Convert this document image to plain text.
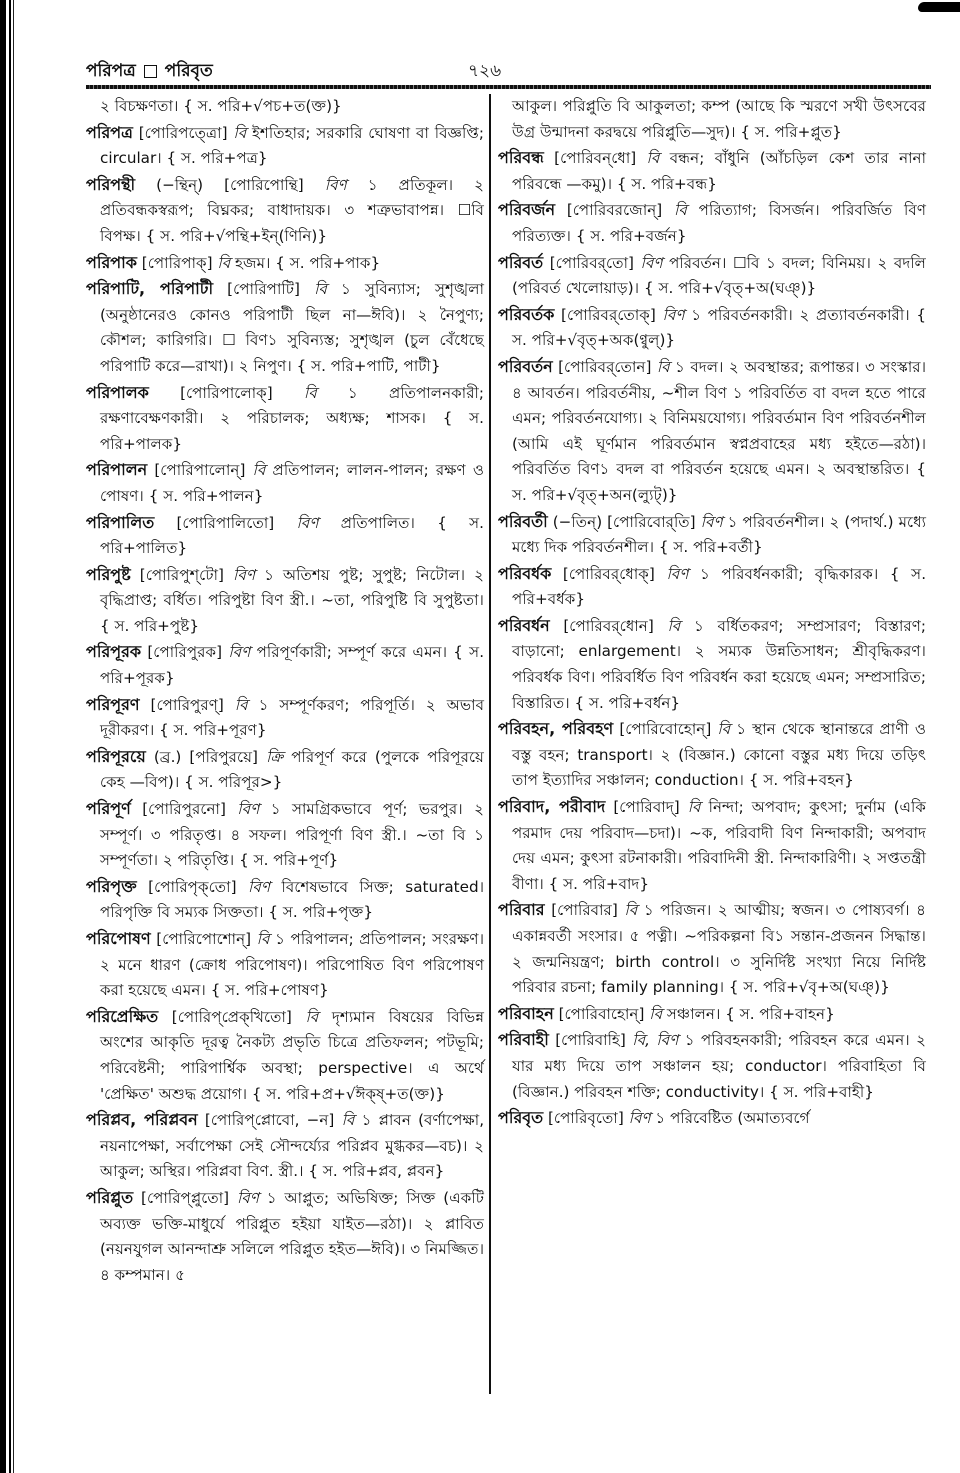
পরিপত্র পরিবৃত	৭২৬

২ বিচক্ষণতা। { স. পরি+√পচ+ত(ক্ত)}

পরিপত্র [পোরিপত্ত্রো] বি ইশতিহার; সরকারি ঘোষণা বা বিজ্ঞপ্তি; circular। { স. পরি+পত্র}

পরিপন্থী (−ন্থিন্) [পোরিপোন্থি] বিণ ১ প্রতিকূল। ২ প্রতিবন্ধকস্বরূপ; বিঘ্নকর; বাধাদায়ক। ৩ শত্রুভাবাপন্ন। ☐বি বিপক্ষ। { স. পরি+√পন্থি+ইন্(ণিনি)}

পরিপাক [পোরিপাক্] বি হজম। { স. পরি+পাক}

পরিপাটি, পরিপাটী [পোরিপাটি] বি ১ সুবিন্যাস; সুশৃঙ্খলা (অনুষ্ঠানেরও কোনও পরিপাটী ছিল না—ঈবি)। ২ নৈপুণ্য; কৌশল; কারিগরি। ☐ বিণ১ সুবিন্যস্ত; সুশৃঙ্খল (চুল বেঁধেছে পরিপাটি করে—রাখা)। ২ নিপুণ। { স. পরি+পাটি, পাটী}

পরিপালক [পোরিপালোক্] বি ১ প্রতিপালনকারী; রক্ষণাবেক্ষণকারী। ২ পরিচালক; অধ্যক্ষ; শাসক। { স. পরি+পালক}

পরিপালন [পোরিপালোন্] বি প্রতিপালন; লালন-পালন; রক্ষণ ও পোষণ। { স. পরি+পালন}

পরিপালিত [পোরিপালিতো] বিণ প্রতিপালিত। { স. পরি+পালিত}

পরিপুষ্ট [পোরিপুশ্‌টো] বিণ ১ অতিশয় পুষ্ট; সুপুষ্ট; নিটোল। ২ বৃদ্ধিপ্রাপ্ত; বর্ধিত। পরিপুষ্টা বিণ স্ত্রী.। ~তা, পরিপুষ্টি বি সুপুষ্টতা। { স. পরি+পুষ্ট}

পরিপূরক [পোরিপুরক] বিণ পরিপূর্ণকারী; সম্পূর্ণ করে এমন। { স. পরি+পূরক}

পরিপূরণ [পোরিপুরণ্] বি ১ সম্পূর্ণকরণ; পরিপূর্তি। ২ অভাব দূরীকরণ। { স. পরি+পূরণ}

পরিপূরয়ে (ব্র.) [পরিপুরয়ে] ক্রি পরিপূর্ণ করে (পুলকে পরিপূরয়ে কেহ —বিপ)। { স. পরিপূর>}

পরিপূর্ণ [পোরিপুরনো] বিণ ১ সামগ্রিকভাবে পূর্ণ; ভরপুর। ২ সম্পূর্ণ। ৩ পরিতৃপ্ত। ৪ সফল। পরিপূর্ণা বিণ স্ত্রী.। ~তা বি ১ সম্পূর্ণতা। ২ পরিতৃপ্তি। { স. পরি+পূর্ণ}

পরিপৃক্ত [পোরিপৃক্‌তো] বিণ বিশেষভাবে সিক্ত; saturated। পরিপৃক্তি বি সম্যক সিক্ততা। { স. পরি+পৃক্ত}

পরিপোষণ [পোরিপোশোন্] বি ১ পরিপালন; প্রতিপালন; সংরক্ষণ। ২ মনে ধারণ (ক্রোধ পরিপোষণ)। পরিপোষিত বিণ পরিপোষণ করা হয়েছে এমন। { স. পরি+পোষণ}

পরিপ্রেক্ষিত [পোরিপ্‌প্রেক্‌খিতো] বি দৃশ্যমান বিষয়ের বিভিন্ন অংশের আকৃতি দূরত্ব নৈকট্য প্রভৃতি চিত্রে প্রতিফলন; পটভূমি; পরিবেষ্টনী; পারিপার্শ্বিক অবস্থা; perspective। এ অর্থে 'প্রেক্ষিত' অশুদ্ধ প্রয়োগ। { স. পরি+প্র+√ঈক্ষ্+ত(ক্ত)}

পরিপ্লব, পরিপ্লবন [পোরিপ্‌প্লোবো, −ন] বি ১ প্লাবন (বর্ণাপেক্ষা, নয়নাপেক্ষা, সর্বাপেক্ষা সেই সৌন্দর্য্যের পরিপ্লব মুগ্ধকর—বচ)। ২ আকুল; অস্থির। পরিপ্লবা বিণ. স্ত্রী.। { স. পরি+প্লব, প্লবন}

পরিপ্লুত [পোরিপ্‌প্লুতো] বিণ ১ আপ্লুত; অভিষিক্ত; সিক্ত (একটি অব্যক্ত ভক্তি-মাধুর্যে পরিপ্লুত হইয়া যাইত—রঠা)। ২ প্লাবিত (নয়নযুগল আনন্দাশ্রু সলিলে পরিপ্লুত হইত—ঈবি)। ৩ নিমজ্জিত। ৪ কম্পমান। ৫

আকুল। পরিপ্লুতি বি আকুলতা; কম্প (আছে কি স্মরণে সখী উৎসবের উগ্র উন্মাদনা করদ্বয়ে পরিপ্লুতি—সুদ)। { স. পরি+প্লুত}

পরিবন্ধ [পোরিবন্‌ধো] বি বন্ধন; বাঁধুনি (আঁচড়িল কেশ তার নানা পরিবন্ধে —কমু)। { স. পরি+বন্ধ}

পরিবর্জন [পোরিবরজোন্] বি পরিত্যাগ; বিসর্জন। পরিবর্জিত বিণ পরিত্যক্ত। { স. পরি+বর্জন}

পরিবর্ত [পোরিবর্‌তো] বিণ পরিবর্তন। ☐বি ১ বদল; বিনিময়। ২ বদলি (পরিবর্ত খেলোয়াড়)। { স. পরি+√বৃত্+অ(ঘঞ্)}

পরিবর্তক [পোরিবর্‌তোক্] বিণ ১ পরিবর্তনকারী। ২ প্রত্যাবর্তনকারী। { স. পরি+√বৃত্+অক(ণ্বুল্)}

পরিবর্তন [পোরিবর্‌তোন] বি ১ বদল। ২ অবস্থান্তর; রূপান্তর। ৩ সংস্কার। ৪ আবর্তন। পরিবর্তনীয়, ~শীল বিণ ১ পরিবর্তিত বা বদল হতে পারে এমন; পরিবর্তনযোগ্য। ২ বিনিময়যোগ্য। পরিবর্তমান বিণ পরিবর্তনশীল (আমি এই ঘূর্ণমান পরিবর্তমান স্বপ্নপ্রবাহের মধ্য হইতে—রঠা)। পরিবর্তিত বিণ১ বদল বা পরিবর্তন হয়েছে এমন। ২ অবস্থান্তরিত। { স. পরি+√বৃত্+অন(ল্যুট্)}

পরিবর্তী (−তিন্) [পোরিবোর্‌তি] বিণ ১ পরিবর্তনশীল। ২ (পদার্থ.) মধ্যে মধ্যে দিক পরিবর্তনশীল। { স. পরি+বর্তী}

পরিবর্ধক [পোরিবর্‌ধোক্] বিণ ১ পরিবর্ধনকারী; বৃদ্ধিকারক। { স. পরি+বর্ধক}

পরিবর্ধন [পোরিবর্‌ধোন] বি ১ বর্ধিতকরণ; সম্প্রসারণ; বিস্তারণ; বাড়ানো; enlargement। ২ সম্যক উন্নতিসাধন; শ্রীবৃদ্ধিকরণ। পরিবর্ধক বিণ। পরিবর্ধিত বিণ পরিবর্ধন করা হয়েছে এমন; সম্প্রসারিত; বিস্তারিত। { স. পরি+বর্ধন}

পরিবহন, পরিবহণ [পোরিবোহোন্] বি ১ স্থান থেকে স্থানান্তরে প্রাণী ও বস্তু বহন; transport। ২ (বিজ্ঞান.) কোনো বস্তুর মধ্য দিয়ে তড়িৎ তাপ ইত্যাদির সঞ্চালন; conduction। { স. পরি+বহন}

পরিবাদ, পরীবাদ [পোরিবাদ্] বি নিন্দা; অপবাদ; কুৎসা; দুর্নাম (একি পরমাদ দেয় পরিবাদ—চদা)। ~ক, পরিবাদী বিণ নিন্দাকারী; অপবাদ দেয় এমন; কুৎসা রটনাকারী। পরিবাদিনী স্ত্রী. নিন্দাকারিণী। ২ সপ্ততন্ত্রী বীণা। { স. পরি+বাদ}

পরিবার [পোরিবার] বি ১ পরিজন। ২ আত্মীয়; স্বজন। ৩ পোষ্যবর্গ। ৪ একান্নবর্তী সংসার। ৫ পত্নী। ~পরিকল্পনা বি১ সন্তান-প্রজনন সিদ্ধান্ত। ২ জন্মনিয়ন্ত্রণ; birth control। ৩ সুনির্দিষ্ট সংখ্যা নিয়ে নির্দিষ্ট পরিবার রচনা; family planning। { স. পরি+√বৃ+অ(ঘঞ্)}

পরিবাহন [পোরিবাহোন্] বি সঞ্চালন। { স. পরি+বাহন}

পরিবাহী [পোরিবাহি] বি, বিণ ১ পরিবহনকারী; পরিবহন করে এমন। ২ যার মধ্য দিয়ে তাপ সঞ্চালন হয়; conductor। পরিবাহিতা বি (বিজ্ঞান.) পরিবহন শক্তি; conductivity। { স. পরি+বাহী}

পরিবৃত [পোরিবৃতো] বিণ ১ পরিবেষ্টিত (অমাত্যবর্গে
